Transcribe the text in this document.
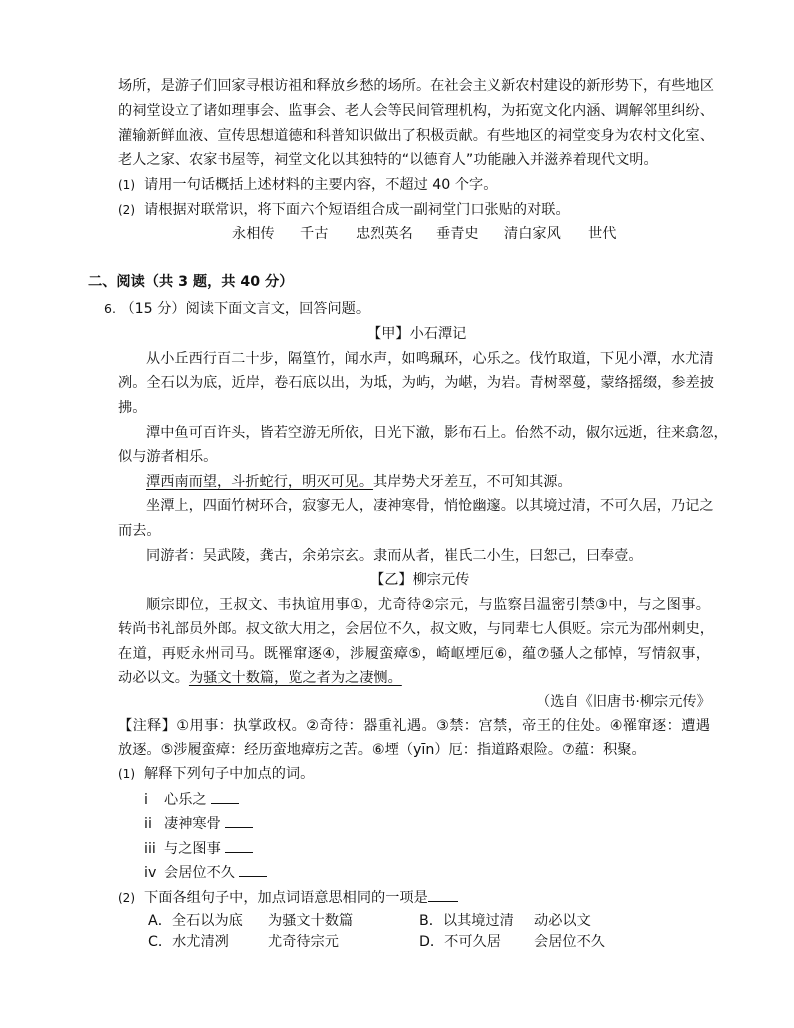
场所，是游子们回家寻根访祖和释放乡愁的场所。在社会主义新农村建设的新形势下，有些地区
的祠堂设立了诸如理事会、监事会、老人会等民间管理机构，为拓宽文化内涵、调解邻里纠纷、
灌输新鲜血液、宣传思想道德和科普知识做出了积极贡献。有些地区的祠堂变身为农村文化室、
老人之家、农家书屋等，祠堂文化以其独特的“以德育人”功能融入并滋养着现代文明。
(1) 请用一句话概括上述材料的主要内容，不超过 40 个字。
(2) 请根据对联常识，将下面六个短语组合成一副祠堂门口张贴的对联。
永相传 千古 忠烈英名 垂青史 清白家风 世代
二、阅读（共 3 题，共 40 分）
6. （15 分）阅读下面文言文，回答问题。
【甲】小石潭记
从小丘西行百二十步，隔篁竹，闻水声，如鸣珮环，心乐之。伐竹取道，下见小潭，水尤清
冽。全石以为底，近岸，卷石底以出，为坻，为屿，为嵁，为岩。青树翠蔓，蒙络摇缀，参差披
拂。
潭中鱼可百许头，皆若空游无所依，日光下澈，影布石上。佁然不动，俶尔远逝，往来翕忽，
似与游者相乐。
潭西南而望，斗折蛇行，明灭可见。其岸势犬牙差互，不可知其源。
坐潭上，四面竹树环合，寂寥无人，凄神寒骨，悄怆幽邃。以其境过清，不可久居，乃记之
而去。
同游者：吴武陵，龚古，余弟宗玄。隶而从者，崔氏二小生，曰恕己，曰奉壹。
【乙】柳宗元传
顺宗即位，王叔文、韦执谊用事①，尤奇待②宗元，与监察吕温密引禁③中，与之图事。
转尚书礼部员外郎。叔文欲大用之，会居位不久，叔文败，与同辈七人俱贬。宗元为邵州刺史，
在道，再贬永州司马。既罹窜逐④，涉履蛮瘴⑤，崎岖堙厄⑥，蕴⑦骚人之郁悼，写情叙事，
动必以文。为骚文十数篇，览之者为之凄恻。
（选自《旧唐书·柳宗元传》
【注释】①用事：执掌政权。②奇待：器重礼遇。③禁：宫禁，帝王的住处。④罹窜逐：遭遇
放逐。⑤涉履蛮瘴：经历蛮地瘴疠之苦。⑥堙（yīn）厄：指道路艰险。⑦蕴：积聚。
(1) 解释下列句子中加点的词。
i 心乐之
ii 凄神寒骨
iii 与之图事
iv 会居位不久
(2) 下面各组句子中，加点词语意思相同的一项是
A．全石以为底 为骚文十数篇	B．以其境过清 动必以文
C．水尤清冽	尤奇待宗元	D．不可久居 会居位不久
